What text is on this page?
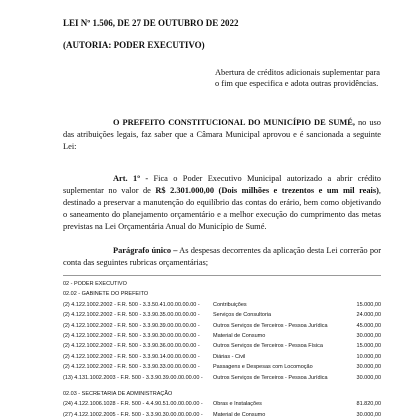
LEI Nº 1.506, DE 27 DE OUTUBRO DE 2022
(AUTORIA: PODER EXECUTIVO)
Abertura de créditos adicionais suplementar para o fim que especifica e adota outras providências.
O PREFEITO CONSTITUCIONAL DO MUNICÍPIO DE SUMÉ, no uso das atribuições legais, faz saber que a Câmara Municipal aprovou e é sancionada a seguinte Lei:
Art. 1º - Fica o Poder Executivo Municipal autorizado a abrir crédito suplementar no valor de R$ 2.301.000,00 (Dois milhões e trezentos e um mil reais), destinado a preservar a manutenção do equilíbrio das contas do erário, bem como objetivando o saneamento do planejamento orçamentário e a melhor execução do cumprimento das metas previstas na Lei Orçamentária Anual do Município de Sumé.
Parágrafo único – As despesas decorrentes da aplicação desta Lei correrão por conta das seguintes rubricas orçamentárias;
02 - PODER EXECUTIVO
02.02 - GABINETE DO PREFEITO
(2) 4.122.1002.2002 - F.R. 500 - 3.3.50.41.00.00.00.00 - Contribuições	15.000,00
(2) 4.122.1002.2002 - F.R. 500 - 3.3.90.35.00.00.00.00 - Serviços de Consultoria	24.000,00
(2) 4.122.1002.2002 - F.R. 500 - 3.3.90.39.00.00.00.00 - Outros Serviços de Terceiros - Pessoa Jurídica	45.000,00
(2) 4.122.1002.2002 - F.R. 500 - 3.3.90.30.00.00.00.00 - Material de Consumo	30.000,00
(2) 4.122.1002.2002 - F.R. 500 - 3.3.90.36.00.00.00.00 - Outros Serviços de Terceiros - Pessoa Física	15.000,00
(2) 4.122.1002.2002 - F.R. 500 - 3.3.90.14.00.00.00.00 - Diárias - Civil	10.000,00
(2) 4.122.1002.2002 - F.R. 500 - 3.3.90.33.00.00.00.00 - Passagens e Despesas com Locomoção	30.000,00
(13) 4.131.1002.2003 - F.R. 500 - 3.3.90.39.00.00.00.00 - Outros Serviços de Terceiros - Pessoa Jurídica	30.000,00
02.03 - SECRETARIA DE ADMINISTRAÇÃO
(24) 4.122.1006.1028 - F.R. 500 - 4.4.90.51.00.00.00.00 - Obras e Instalações	81.820,00
(27) 4.122.1002.2005 - F.R. 500 - 3.3.90.30.00.00.00.00 - Material de Consumo	30.000,00
